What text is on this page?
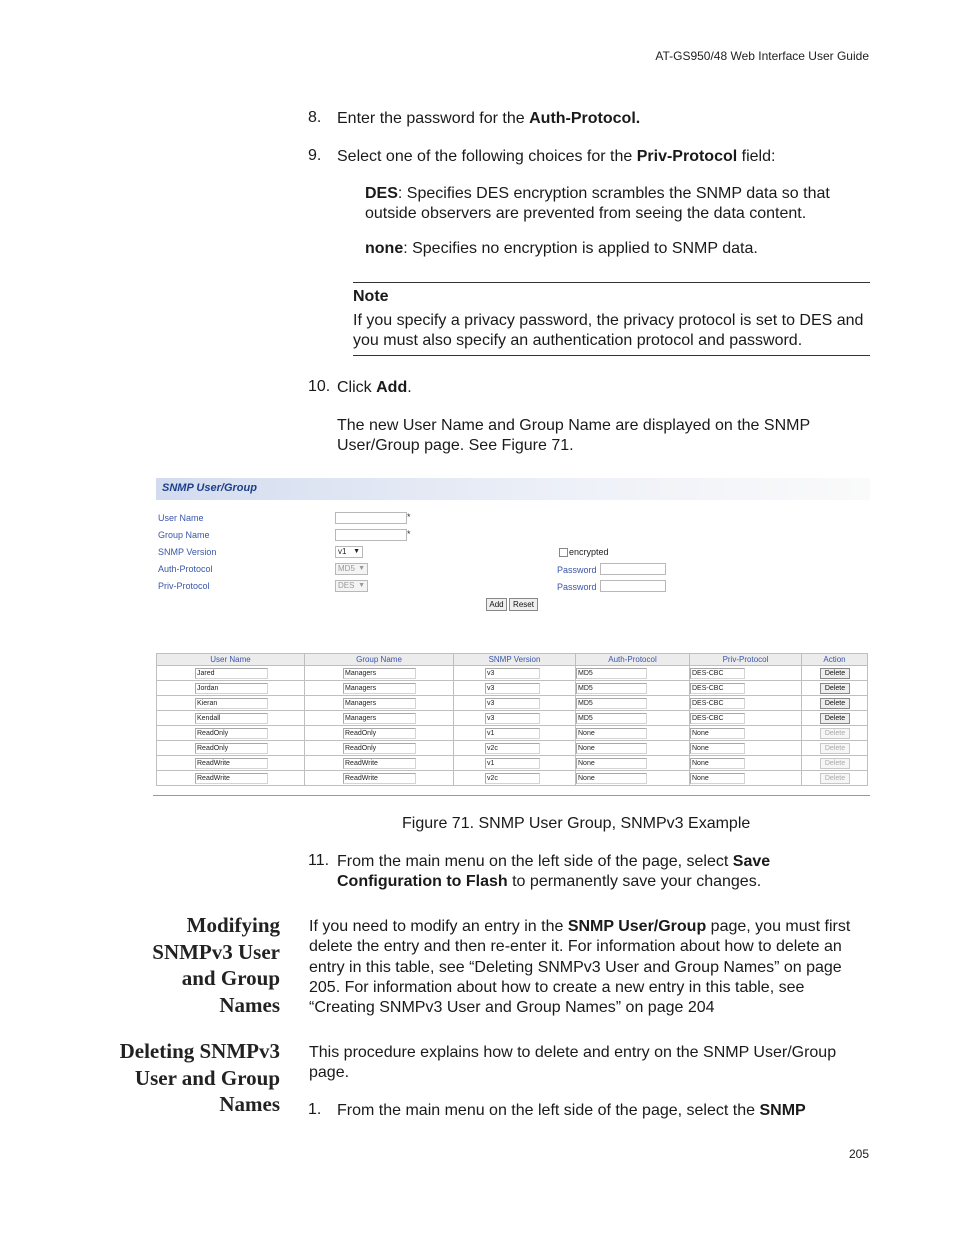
AT-GS950/48 Web Interface User Guide
8. Enter the password for the Auth-Protocol.
9. Select one of the following choices for the Priv-Protocol field:
DES: Specifies DES encryption scrambles the SNMP data so that outside observers are prevented from seeing the data content.
none: Specifies no encryption is applied to SNMP data.
Note
If you specify a privacy password, the privacy protocol is set to DES and you must also specify an authentication protocol and password.
10. Click Add.
The new User Name and Group Name are displayed on the SNMP User/Group page. See Figure 71.
SNMP User/Group
User Name	*
Group Name	*
SNMP Version	v1 ▼	encrypted
Auth-Protocol	MD5 ▼	Password
Priv-Protocol	DES ▼	Password
Add	Reset
User Name	Group Name	SNMP Version	Auth-Protocol	Priv-Protocol	Action

Jared	Managers	v3	MD5	DES-CBC	Delete

Jordan	Managers	v3	MD5	DES-CBC	Delete

Kieran	Managers	v3	MD5	DES-CBC	Delete

Kendall	Managers	v3	MD5	DES-CBC	Delete

ReadOnly	ReadOnly	v1	None	None	Delete

ReadOnly	ReadOnly	v2c	None	None	Delete

ReadWrite	ReadWrite	v1	None	None	Delete

ReadWrite	ReadWrite	v2c	None	None	Delete
Figure 71. SNMP User Group, SNMPv3 Example
11. From the main menu on the left side of the page, select Save Configuration to Flash to permanently save your changes.
Modifying
SNMPv3 User
and Group
Names
If you need to modify an entry in the SNMP User/Group page, you must first delete the entry and then re-enter it. For information about how to delete an entry in this table, see “Deleting SNMPv3 User and Group Names” on page 205. For information about how to create a new entry in this table, see “Creating SNMPv3 User and Group Names” on page 204
Deleting SNMPv3
User and Group
Names
This procedure explains how to delete and entry on the SNMP User/Group page.
1. From the main menu on the left side of the page, select the SNMP
205
